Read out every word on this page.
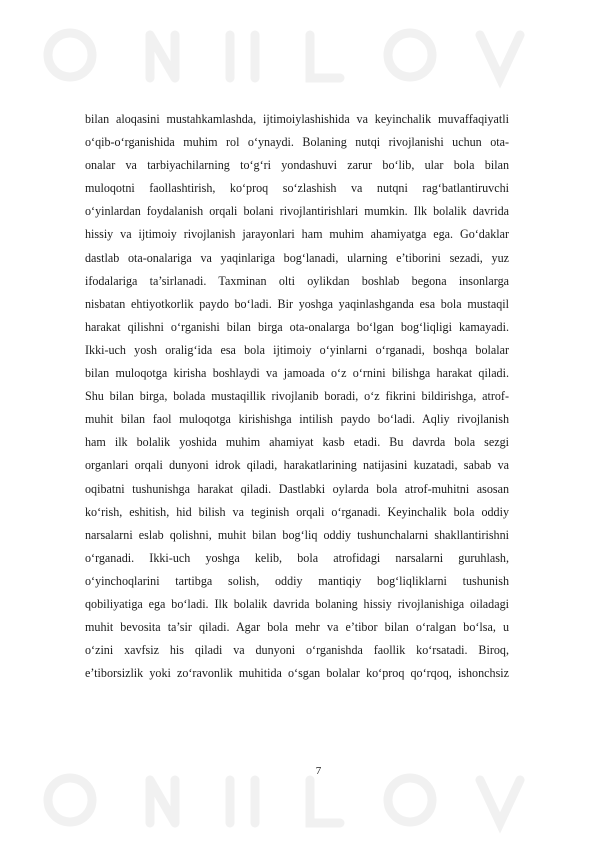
bilan aloqasini mustahkamlashda, ijtimoiylashishida va keyinchalik muvaffaqiyatli
o‘qib-o‘rganishida muhim rol o‘ynaydi. Bolaning nutqi rivojlanishi uchun ota-
onalar va tarbiyachilarning to‘g‘ri yondashuvi zarur bo‘lib, ular bola bilan
muloqotni faollashtirish, ko‘proq so‘zlashish va nutqni rag‘batlantiruvchi
o‘yinlardan foydalanish orqali bolani rivojlantirishlari mumkin. Ilk bolalik davrida
hissiy va ijtimoiy rivojlanish jarayonlari ham muhim ahamiyatga ega. Go‘daklar
dastlab ota-onalariga va yaqinlariga bog‘lanadi, ularning e’tiborini sezadi, yuz
ifodalariga ta’sirlanadi. Taxminan olti oylikdan boshlab begona insonlarga
nisbatan ehtiyotkorlik paydo bo‘ladi. Bir yoshga yaqinlashganda esa bola mustaqil
harakat qilishni o‘rganishi bilan birga ota-onalarga bo‘lgan bog‘liqligi kamayadi.
Ikki-uch yosh oralig‘ida esa bola ijtimoiy o‘yinlarni o‘rganadi, boshqa bolalar
bilan muloqotga kirisha boshlaydi va jamoada o‘z o‘rnini bilishga harakat qiladi.
Shu bilan birga, bolada mustaqillik rivojlanib boradi, o‘z fikrini bildirishga, atrof-
muhit bilan faol muloqotga kirishishga intilish paydo bo‘ladi. Aqliy rivojlanish
ham ilk bolalik yoshida muhim ahamiyat kasb etadi. Bu davrda bola sezgi
organlari orqali dunyoni idrok qiladi, harakatlarining natijasini kuzatadi, sabab va
oqibatni tushunishga harakat qiladi. Dastlabki oylarda bola atrof-muhitni asosan
ko‘rish, eshitish, hid bilish va teginish orqali o‘rganadi. Keyinchalik bola oddiy
narsalarni eslab qolishni, muhit bilan bog‘liq oddiy tushunchalarni shakllantirishni
o‘rganadi. Ikki-uch yoshga kelib, bola atrofidagi narsalarni guruhlash,
o‘yinchoqlarini tartibga solish, oddiy mantiqiy bog‘liqliklarni tushunish
qobiliyatiga ega bo‘ladi. Ilk bolalik davrida bolaning hissiy rivojlanishiga oiladagi
muhit bevosita ta’sir qiladi. Agar bola mehr va e’tibor bilan o‘ralgan bo‘lsa, u
o‘zini xavfsiz his qiladi va dunyoni o‘rganishda faollik ko‘rsatadi. Biroq,
e’tiborsizlik yoki zo‘ravonlik muhitida o‘sgan bolalar ko‘proq qo‘rqoq, ishonchsiz
7
